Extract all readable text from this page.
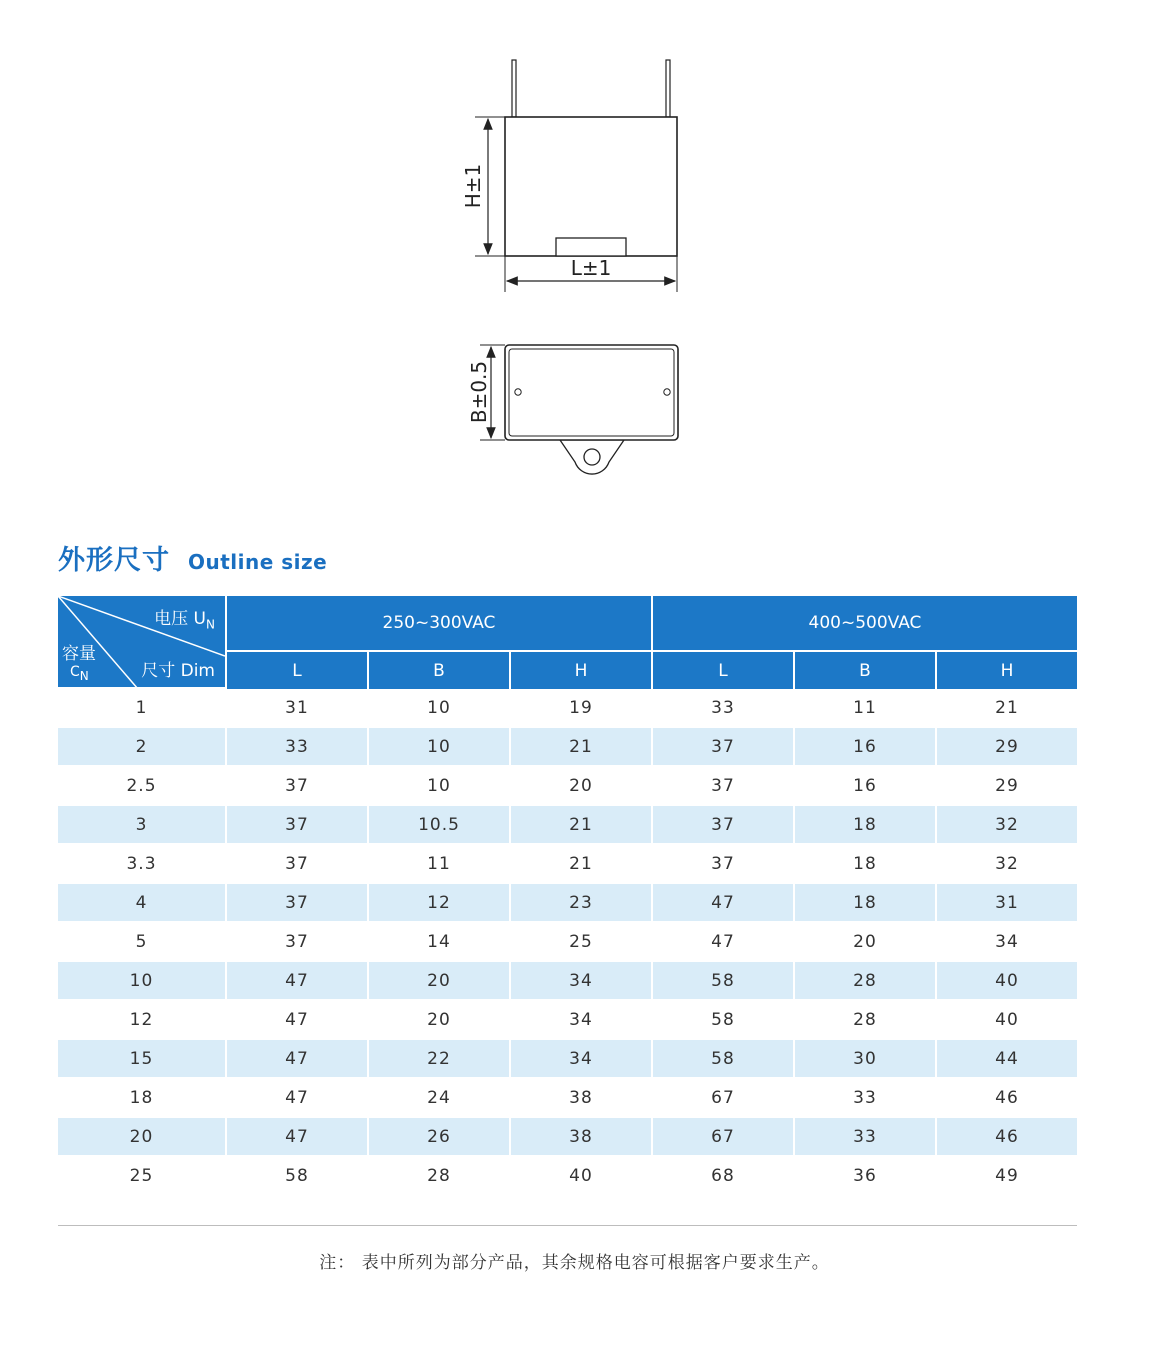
H±1
L±1
B±0.5
外形尺寸 Outline size
电压 $U_N$
尺寸 Dim
容量
$C_N$	250~300VAC			400~500VAC		
	L	B	H	L	B	H
1	31	10	19	33	11	21
2	33	10	21	37	16	29
2.5	37	10	20	37	16	29
3	37	10.5	21	37	18	32
3.3	37	11	21	37	18	32
4	37	12	23	47	18	31
5	37	14	25	47	20	34
10	47	20	34	58	28	40
12	47	20	34	58	28	40
15	47	22	34	58	30	44
18	47	24	38	67	33	46
20	47	26	38	67	33	46
25	58	28	40	68	36	49
注： 表中所列为部分产品，其余规格电容可根据客户要求生产。
